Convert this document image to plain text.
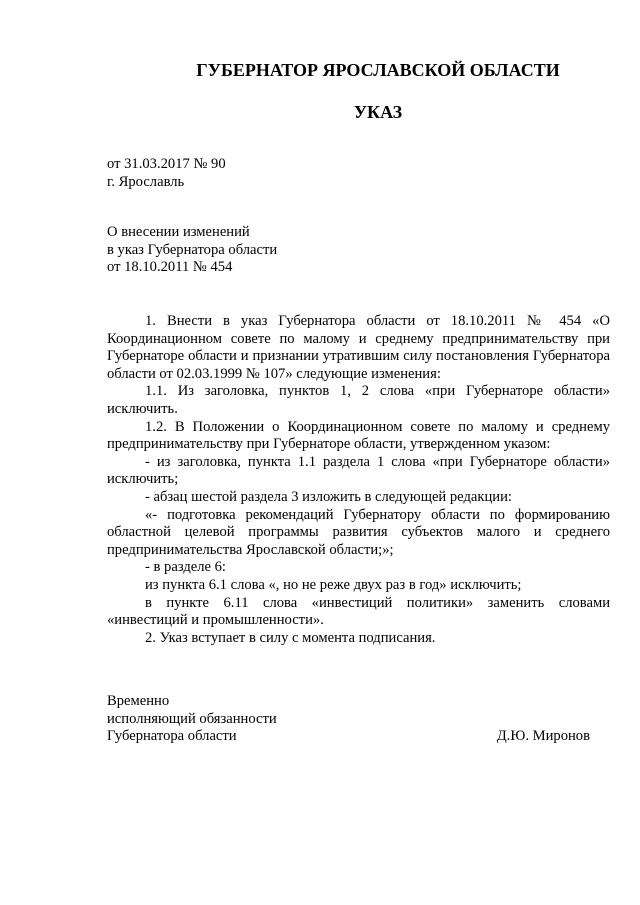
ГУБЕРНАТОР ЯРОСЛАВСКОЙ ОБЛАСТИ
УКАЗ
от 31.03.2017 № 90
г. Ярославль
О внесении изменений
в указ Губернатора области
от 18.10.2011 № 454

1. Внести в указ Губернатора области от 18.10.2011 № 454 «О Координационном совете по малому и среднему предпринимательству при Губернаторе области и признании утратившим силу постановления Губернатора области от 02.03.1999 № 107» следующие изменения:

1.1. Из заголовка, пунктов 1, 2 слова «при Губернаторе области» исключить.

1.2. В Положении о Координационном совете по малому и среднему предпринимательству при Губернаторе области, утвержденном указом:

- из заголовка, пункта 1.1 раздела 1 слова «при Губернаторе области» исключить;

- абзац шестой раздела 3 изложить в следующей редакции:

«- подготовка рекомендаций Губернатору области по формированию областной целевой программы развития субъектов малого и среднего предпринимательства Ярославской области;»;

- в разделе 6:

из пункта 6.1 слова «, но не реже двух раз в год» исключить;

в пункте 6.11 слова «инвестиций политики» заменить словами «инвестиций и промышленности».

2. Указ вступает в силу с момента подписания.

Временно
исполняющий обязанности
Губернатора области	Д.Ю. Миронов
